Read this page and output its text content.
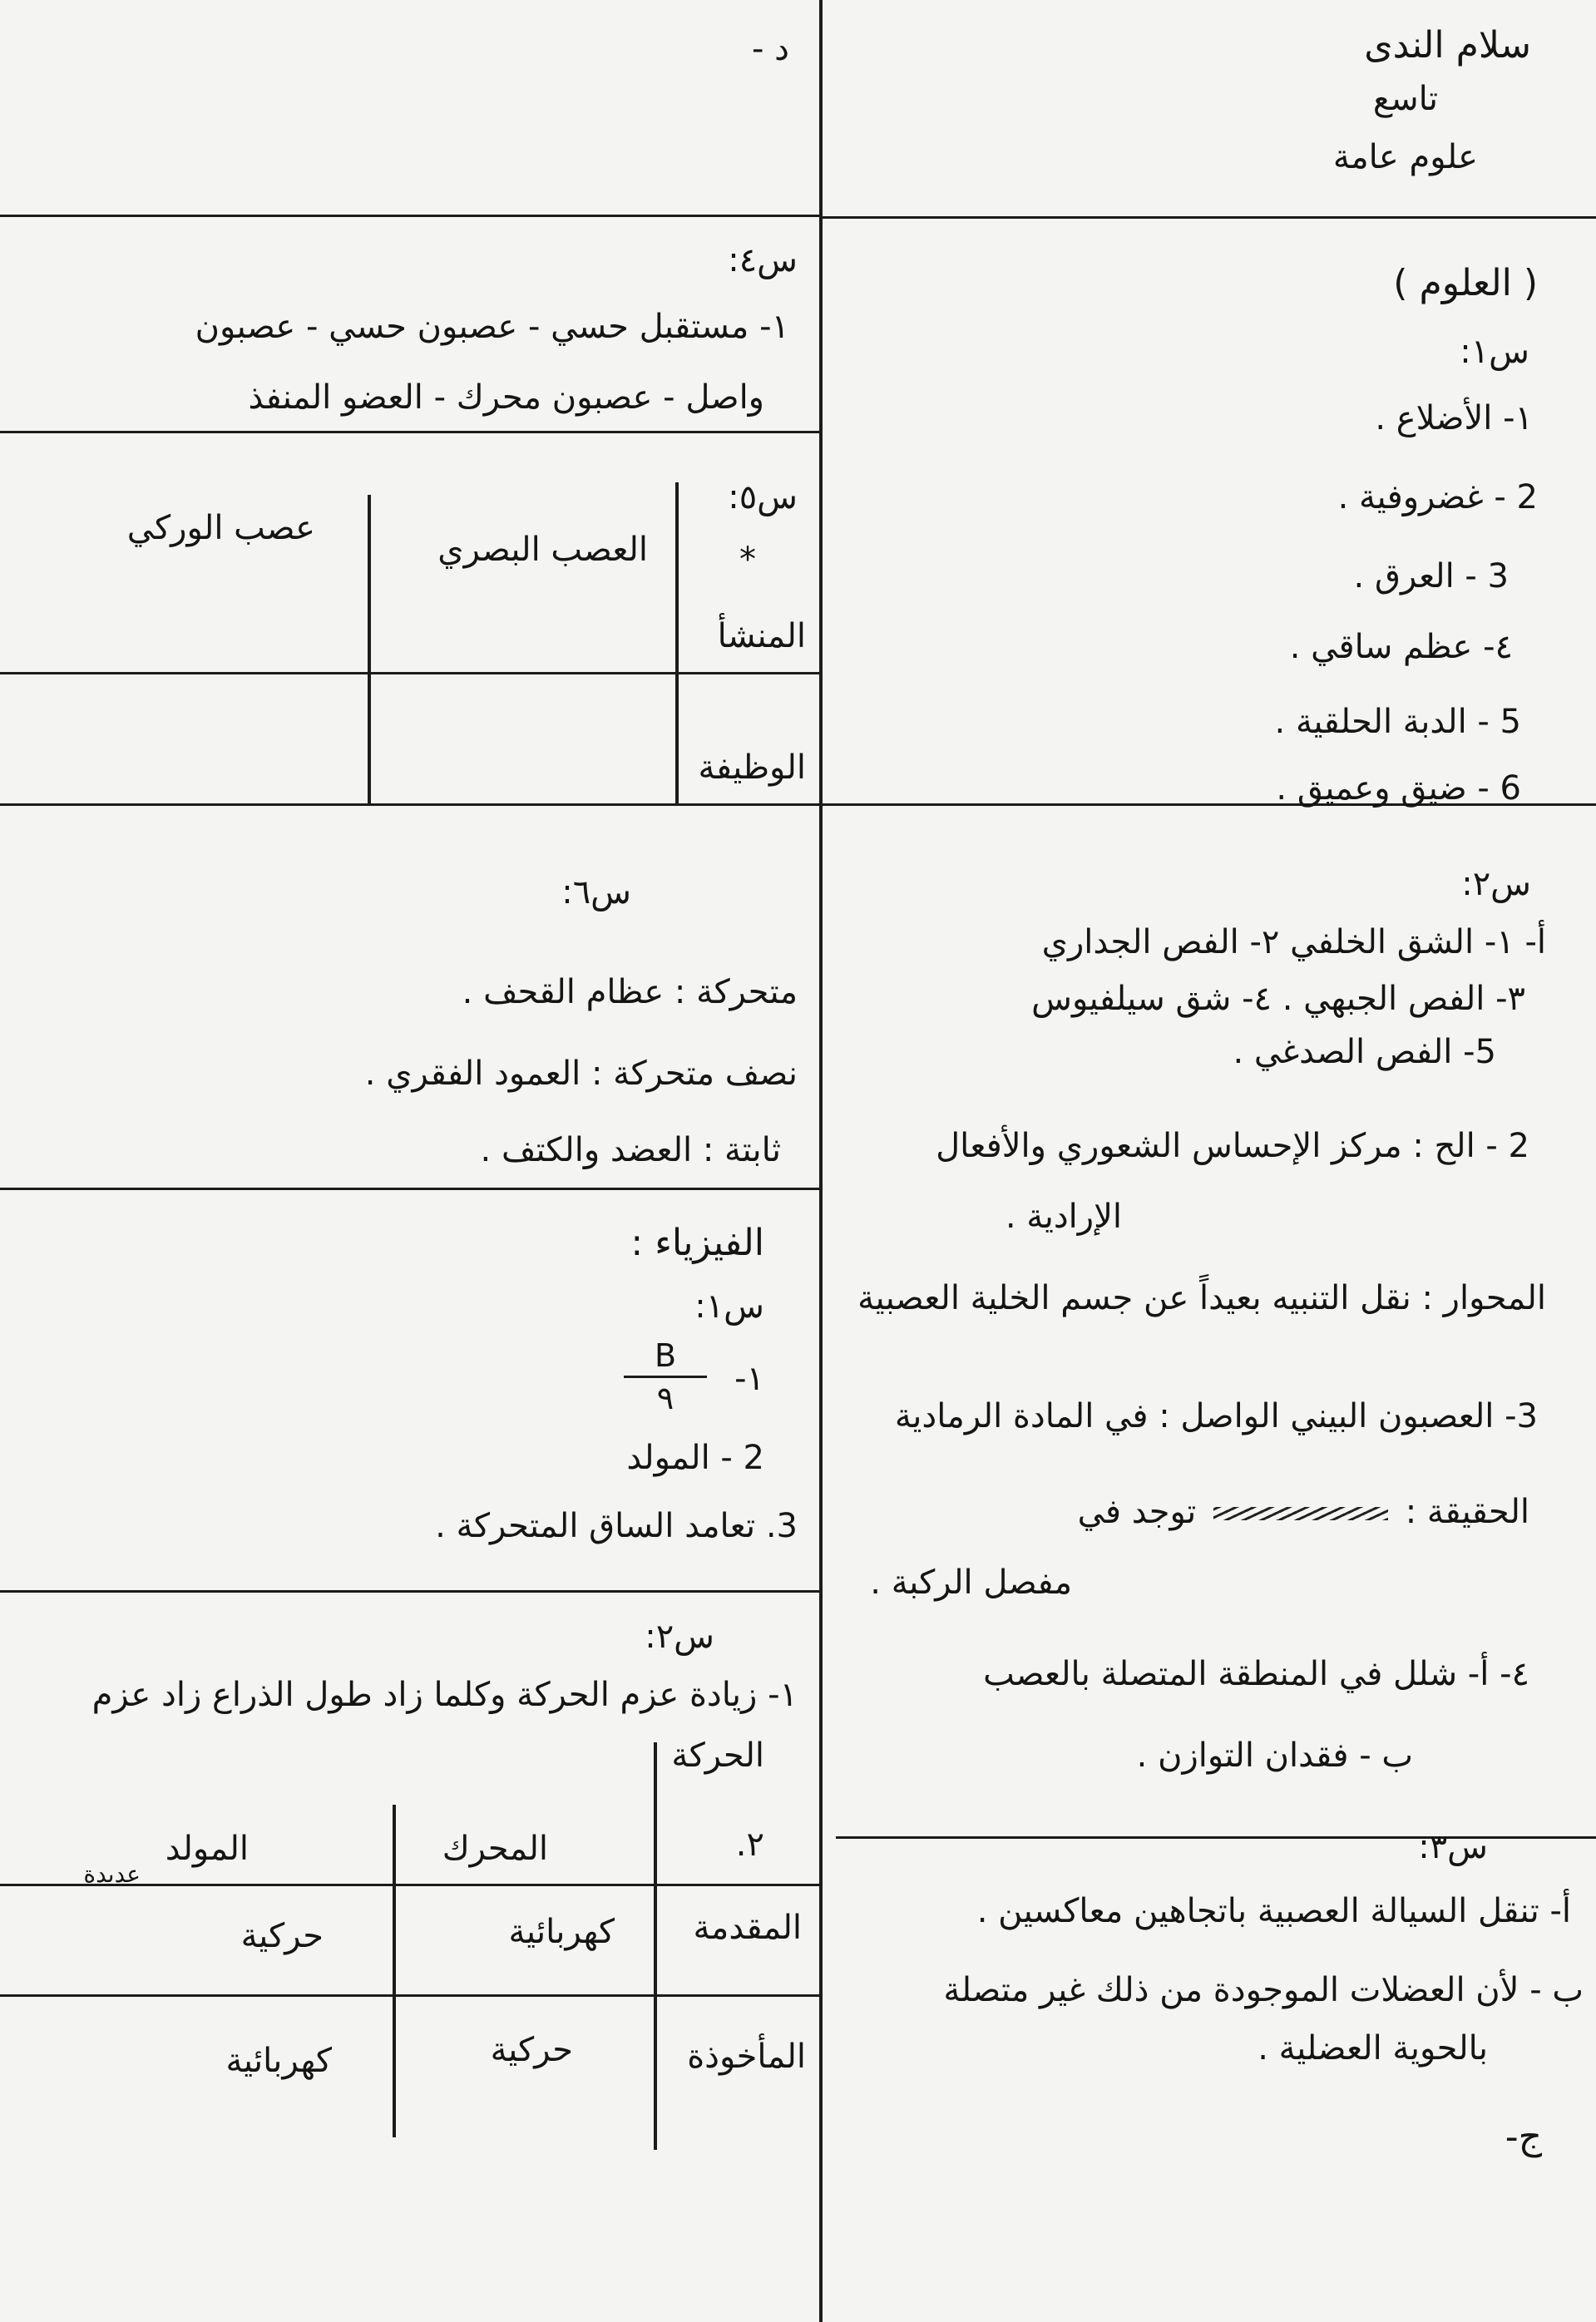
سلام الندى
تاسع
علوم عامة
د -
( العلوم )
س١:
١- الأضلاع .
2 - غضروفية .
3 - العرق .
٤- عظم ساقي .
5 - الدبة الحلقية .
6 - ضيق وعميق .
س٢:
أ- ١- الشق الخلفي ٢- الفص الجداري
٣- الفص الجبهي . ٤- شق سيلفيوس
5- الفص الصدغي .
2 - الح : مركز الإحساس الشعوري والأفعال
الإرادية .
المحوار : نقل التنبيه بعيداً عن جسم الخلية العصبية
3- العصبون البيني الواصل : في المادة الرمادية
الحقيقة :  توجد في
مفصل الركبة .
٤- أ- شلل في المنطقة المتصلة بالعصب
ب - فقدان التوازن .
س٣:
عديدة
أ- تنقل السيالة العصبية باتجاهين معاكسين .
ب - لأن العضلات الموجودة من ذلك غير متصلة
بالحوية العضلية .
ج-
س٤:
١- مستقبل حسي - عصبون حسي - عصبون
واصل - عصبون محرك - العضو المنفذ
س٥:
*
العصب البصري
عصب الوركي
المنشأ
الوظيفة
س٦:
متحركة : عظام القحف .
نصف متحركة : العمود الفقري .
ثابتة : العضد والكتف .
الفيزياء :
س١:
١-
B
٩
2 - المولد
3. تعامد الساق المتحركة .
س٢:
١- زيادة عزم الحركة وكلما زاد طول الذراع زاد عزم
الحركة
٢.
المحرك
المولد
المقدمة
كهربائية
حركية
المأخوذة
حركية
كهربائية
